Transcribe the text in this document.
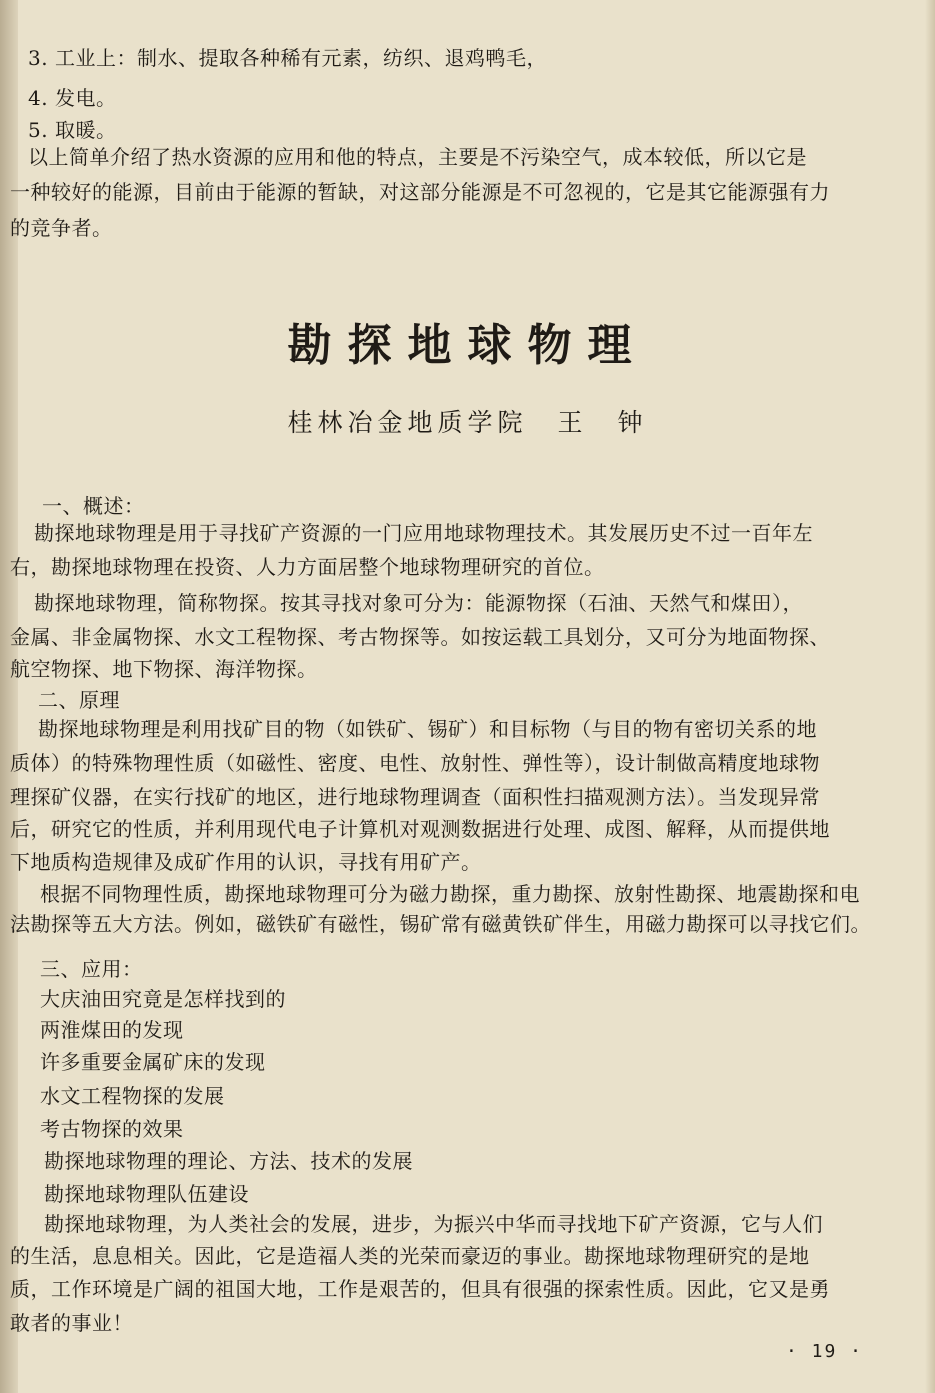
3. 工业上：制水、提取各种稀有元素，纺织、退鸡鸭毛，
4. 发电。
5. 取暖。
以上简单介绍了热水资源的应用和他的特点，主要是不污染空气，成本较低，所以它是
一种较好的能源，目前由于能源的暂缺，对这部分能源是不可忽视的，它是其它能源强有力
的竞争者。
勘探地球物理
桂林冶金地质学院　王　钟
一、概述：
勘探地球物理是用于寻找矿产资源的一门应用地球物理技术。其发展历史不过一百年左
右，勘探地球物理在投资、人力方面居整个地球物理研究的首位。
勘探地球物理，简称物探。按其寻找对象可分为：能源物探（石油、天然气和煤田），
金属、非金属物探、水文工程物探、考古物探等。如按运载工具划分，又可分为地面物探、
航空物探、地下物探、海洋物探。
二、原理
勘探地球物理是利用找矿目的物（如铁矿、锡矿）和目标物（与目的物有密切关系的地
质体）的特殊物理性质（如磁性、密度、电性、放射性、弹性等），设计制做高精度地球物
理探矿仪器，在实行找矿的地区，进行地球物理调查（面积性扫描观测方法）。当发现异常
后，研究它的性质，并利用现代电子计算机对观测数据进行处理、成图、解释，从而提供地
下地质构造规律及成矿作用的认识，寻找有用矿产。
根据不同物理性质，勘探地球物理可分为磁力勘探，重力勘探、放射性勘探、地震勘探和电
法勘探等五大方法。例如，磁铁矿有磁性，锡矿常有磁黄铁矿伴生，用磁力勘探可以寻找它们。
三、应用：
大庆油田究竟是怎样找到的
两淮煤田的发现
许多重要金属矿床的发现
水文工程物探的发展
考古物探的效果
勘探地球物理的理论、方法、技术的发展
勘探地球物理队伍建设
勘探地球物理，为人类社会的发展，进步，为振兴中华而寻找地下矿产资源，它与人们
的生活，息息相关。因此，它是造福人类的光荣而豪迈的事业。勘探地球物理研究的是地
质，工作环境是广阔的祖国大地，工作是艰苦的，但具有很强的探索性质。因此，它又是勇
敢者的事业！
· 19 ·
